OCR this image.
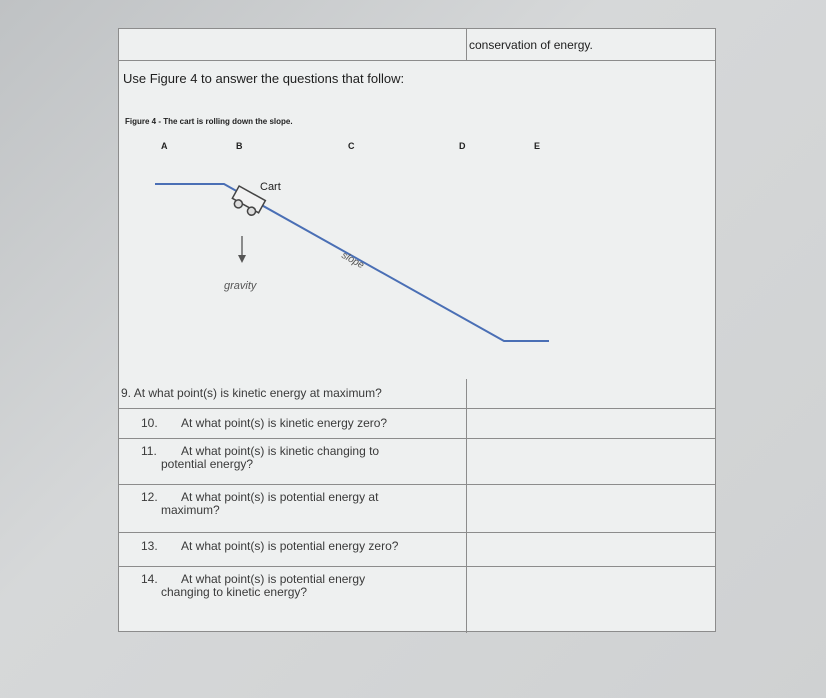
conservation of energy.
Use Figure 4 to answer the questions that follow:
Figure 4 - The cart is rolling down the slope.
A	B	C	D	E
Cart
gravity
slope
9. At what point(s) is kinetic energy at maximum?
10. At what point(s) is kinetic energy zero?
11. At what point(s) is kinetic changing to
potential energy?
12. At what point(s) is potential energy at
maximum?
13. At what point(s) is potential energy zero?
14. At what point(s) is potential energy
changing to kinetic energy?
